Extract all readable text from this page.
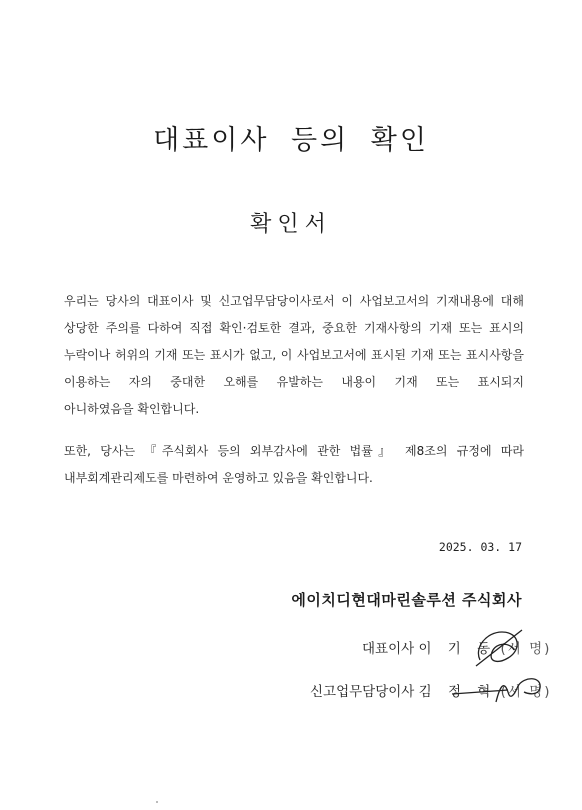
대표이사 등의 확인
확인서
우리는 당사의 대표이사 및 신고업무담당이사로서 이 사업보고서의 기재내용에 대해
상당한 주의를 다하여 직접 확인·검토한 결과, 중요한 기재사항의 기재 또는 표시의
누락이나 허위의 기재 또는 표시가 없고, 이 사업보고서에 표시된 기재 또는 표시사항을
이용하는 자의 중대한 오해를 유발하는 내용이 기재 또는 표시되지
아니하였음을 확인합니다.
또한, 당사는 『주식회사 등의 외부감사에 관한 법률』 제8조의 규정에 따라
내부회계관리제도를 마련하여 운영하고 있음을 확인합니다.
2025. 03. 17
에이치디현대마린솔루션 주식회사
대표이사 이 기 동 (서 명)
신고업무담당이사 김 정 혁 (서 명)
